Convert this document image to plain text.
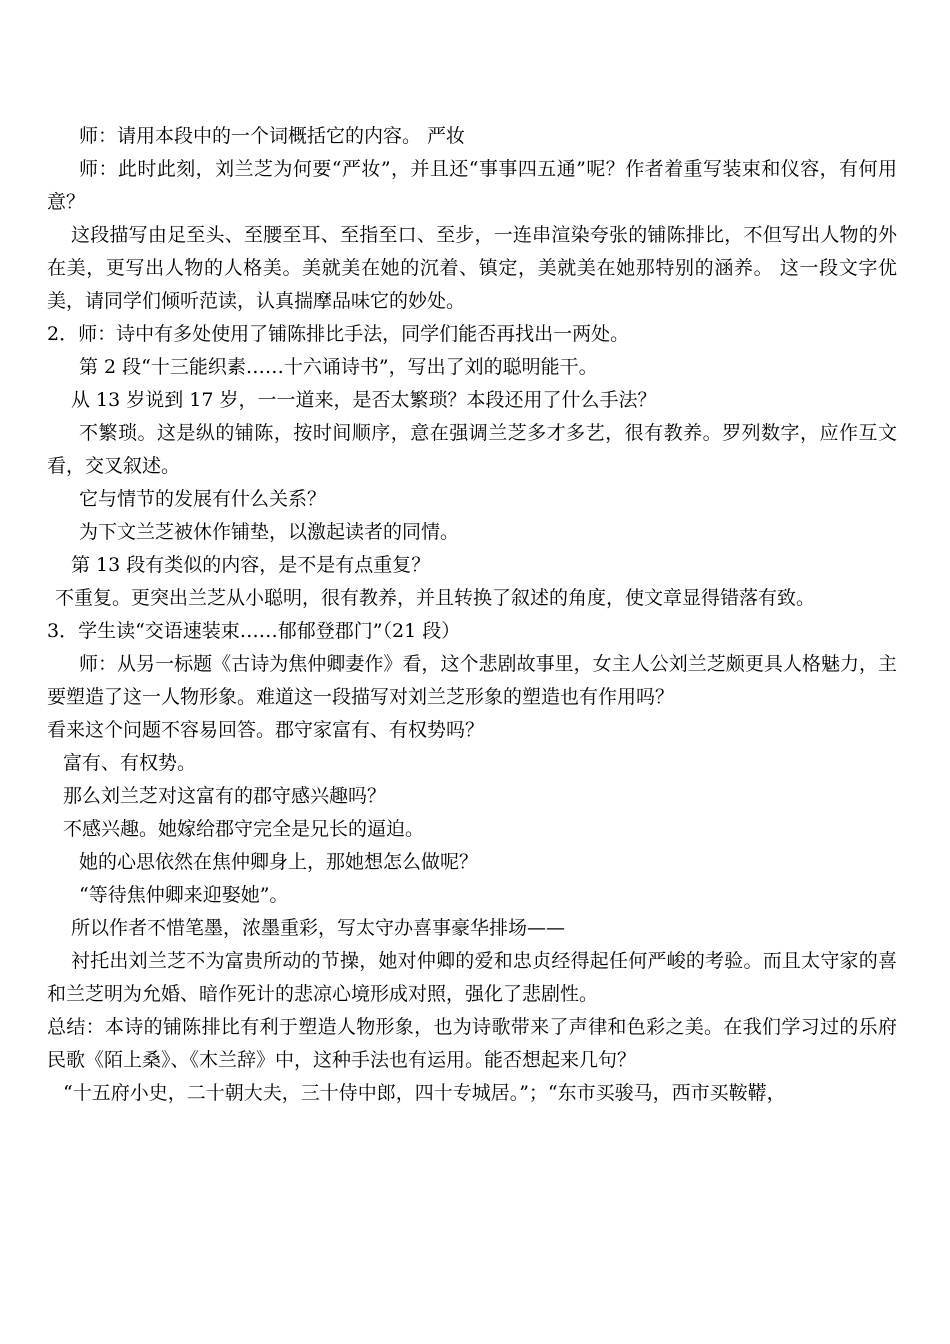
师：请用本段中的一个词概括它的内容。 严妆

师：此时此刻，刘兰芝为何要“严妆”，并且还“事事四五通”呢？作者着重写装束和仪容，有何用意？

这段描写由足至头、至腰至耳、至指至口、至步，一连串渲染夸张的铺陈排比，不但写出人物的外在美，更写出人物的人格美。美就美在她的沉着、镇定，美就美在她那特别的涵养。 这一段文字优美，请同学们倾听范读，认真揣摩品味它的妙处。

2．师：诗中有多处使用了铺陈排比手法，同学们能否再找出一两处。

第 2 段“十三能织素……十六诵诗书”，写出了刘的聪明能干。

从 13 岁说到 17 岁，一一道来，是否太繁琐？本段还用了什么手法？

不繁琐。这是纵的铺陈，按时间顺序，意在强调兰芝多才多艺，很有教养。罗列数字，应作互文看，交叉叙述。

它与情节的发展有什么关系？

为下文兰芝被休作铺垫，以激起读者的同情。

第 13 段有类似的内容，是不是有点重复？

不重复。更突出兰芝从小聪明，很有教养，并且转换了叙述的角度，使文章显得错落有致。

3．学生读“交语速装束……郁郁登郡门”（21 段）

师：从另一标题《古诗为焦仲卿妻作》看，这个悲剧故事里，女主人公刘兰芝颇更具人格魅力，主要塑造了这一人物形象。难道这一段描写对刘兰芝形象的塑造也有作用吗？

看来这个问题不容易回答。郡守家富有、有权势吗？

富有、有权势。

那么刘兰芝对这富有的郡守感兴趣吗？

不感兴趣。她嫁给郡守完全是兄长的逼迫。

她的心思依然在焦仲卿身上，那她想怎么做呢？

“等待焦仲卿来迎娶她”。

所以作者不惜笔墨，浓墨重彩，写太守办喜事豪华排场——

衬托出刘兰芝不为富贵所动的节操，她对仲卿的爱和忠贞经得起任何严峻的考验。而且太守家的喜和兰芝明为允婚、暗作死计的悲凉心境形成对照，强化了悲剧性。

总结：本诗的铺陈排比有利于塑造人物形象，也为诗歌带来了声律和色彩之美。在我们学习过的乐府民歌《陌上桑》、《木兰辞》中，这种手法也有运用。能否想起来几句？

“十五府小史，二十朝大夫，三十侍中郎，四十专城居。”；“东市买骏马，西市买鞍鞯，
